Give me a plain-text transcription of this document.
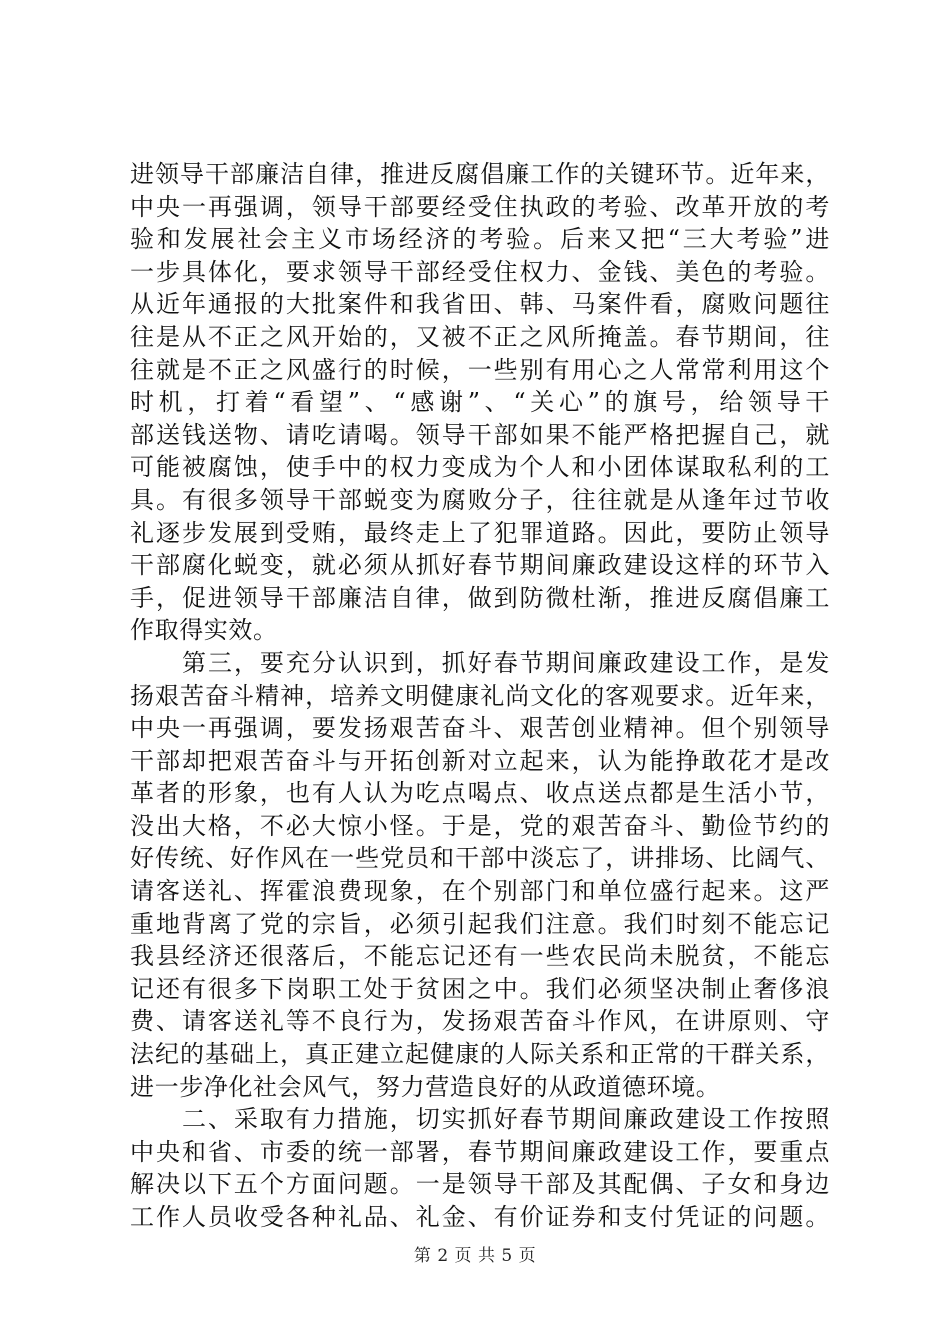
进领导干部廉洁自律，推进反腐倡廉工作的关键环节。近年来，
中央一再强调，领导干部要经受住执政的考验、改革开放的考
验和发展社会主义市场经济的考验。后来又把“三大考验”进
一步具体化，要求领导干部经受住权力、金钱、美色的考验。
从近年通报的大批案件和我省田、韩、马案件看，腐败问题往
往是从不正之风开始的，又被不正之风所掩盖。春节期间，往
往就是不正之风盛行的时候，一些别有用心之人常常利用这个
时机，打着“看望”、“感谢”、“关心”的旗号，给领导干
部送钱送物、请吃请喝。领导干部如果不能严格把握自己，就
可能被腐蚀，使手中的权力变成为个人和小团体谋取私利的工
具。有很多领导干部蜕变为腐败分子，往往就是从逢年过节收
礼逐步发展到受贿，最终走上了犯罪道路。因此，要防止领导
干部腐化蜕变，就必须从抓好春节期间廉政建设这样的环节入
手，促进领导干部廉洁自律，做到防微杜渐，推进反腐倡廉工
作取得实效。
第三，要充分认识到，抓好春节期间廉政建设工作，是发
扬艰苦奋斗精神，培养文明健康礼尚文化的客观要求。近年来，
中央一再强调，要发扬艰苦奋斗、艰苦创业精神。但个别领导
干部却把艰苦奋斗与开拓创新对立起来，认为能挣敢花才是改
革者的形象，也有人认为吃点喝点、收点送点都是生活小节，
没出大格，不必大惊小怪。于是，党的艰苦奋斗、勤俭节约的
好传统、好作风在一些党员和干部中淡忘了，讲排场、比阔气、
请客送礼、挥霍浪费现象，在个别部门和单位盛行起来。这严
重地背离了党的宗旨，必须引起我们注意。我们时刻不能忘记
我县经济还很落后，不能忘记还有一些农民尚未脱贫，不能忘
记还有很多下岗职工处于贫困之中。我们必须坚决制止奢侈浪
费、请客送礼等不良行为，发扬艰苦奋斗作风，在讲原则、守
法纪的基础上，真正建立起健康的人际关系和正常的干群关系，
进一步净化社会风气，努力营造良好的从政道德环境。
二、采取有力措施，切实抓好春节期间廉政建设工作按照
中央和省、市委的统一部署，春节期间廉政建设工作，要重点
解决以下五个方面问题。一是领导干部及其配偶、子女和身边
工作人员收受各种礼品、礼金、有价证券和支付凭证的问题。
第 2 页 共 5 页
